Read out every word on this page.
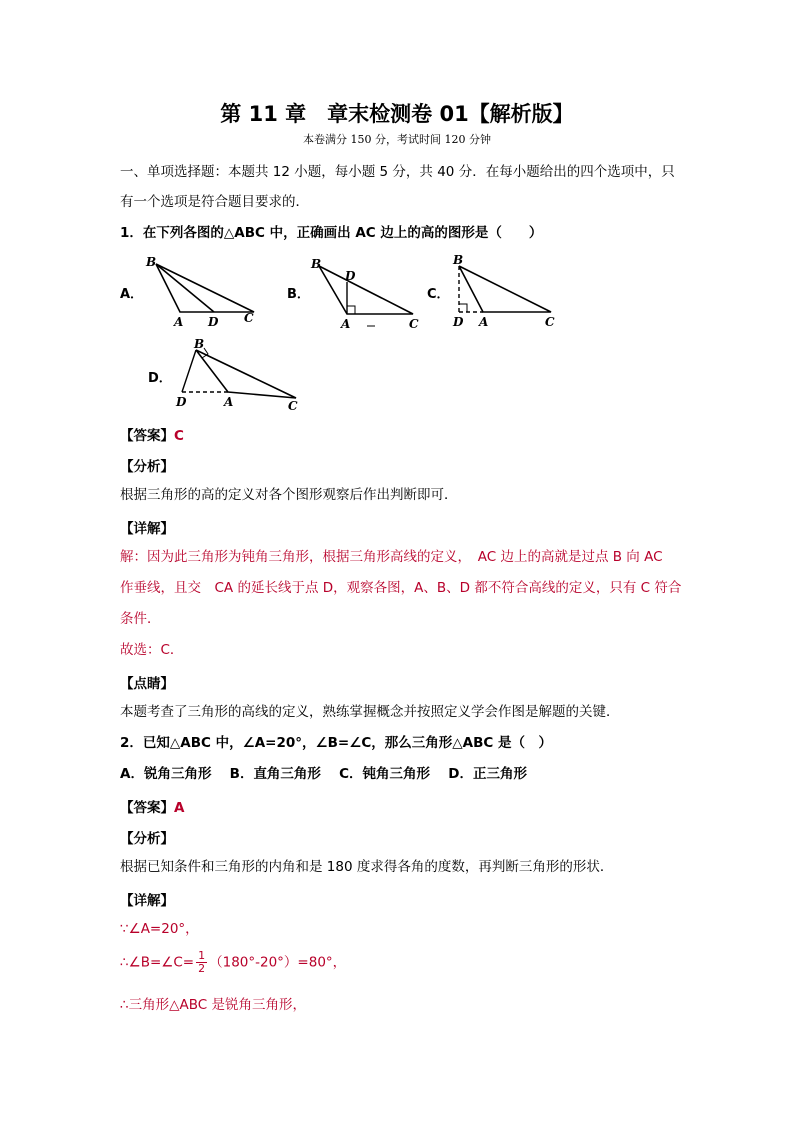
第 11 章　章末检测卷 01【解析版】
本卷满分 150 分，考试时间 120 分钟
一、单项选择题：本题共 12 小题，每小题 5 分，共 40 分．在每小题给出的四个选项中，只
有一个选项是符合题目要求的．
1．在下列各图的△ABC 中，正确画出 AC 边上的高的图形是（　　）
A．
B
A D C
B．
B
D
A	C
C．
B
D A	C
D．
B
D	A	C
【答案】C
【分析】
根据三角形的高的定义对各个图形观察后作出判断即可．
【详解】
解：因为此三角形为钝角三角形，根据三角形高线的定义，　AC 边上的高就是过点 B 向 AC
作垂线，且交　CA 的延长线于点 D，观察各图，A、B、D 都不符合高线的定义，只有 C 符合
条件．
故选：C．
【点睛】
本题考查了三角形的高线的定义，熟练掌握概念并按照定义学会作图是解题的关键．
2．已知△ABC 中，∠A=20°，∠B=∠C，那么三角形△ABC 是（　）
A．锐角三角形　 B．直角三角形　 C．钝角三角形　 D．正三角形
【答案】A
【分析】
根据已知条件和三角形的内角和是 180 度求得各角的度数，再判断三角形的形状．
【详解】
∵∠A=20°，
∴∠B=∠C= $\frac{1}{2} (180^\circ-20^\circ)=80^\circ$，
∴三角形△ABC 是锐角三角形，
